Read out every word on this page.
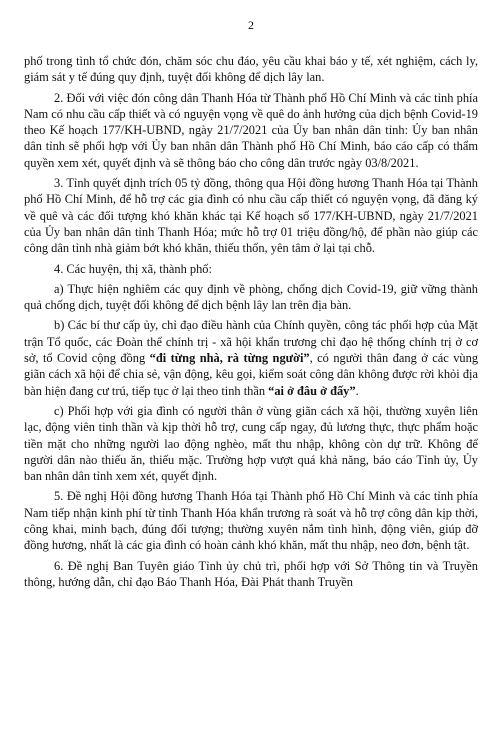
2

phố trong tình tổ chức đón, chăm sóc chu đáo, yêu cầu khai báo y tế, xét nghiệm, cách ly, giám sát y tế đúng quy định, tuyệt đối không để dịch lây lan.

2. Đối với việc đón công dân Thanh Hóa từ Thành phố Hồ Chí Minh và các tỉnh phía Nam có nhu cầu cấp thiết và có nguyện vọng về quê do ảnh hưởng của dịch bệnh Covid-19 theo Kế hoạch 177/KH-UBND, ngày 21/7/2021 của Ủy ban nhân dân tỉnh: Ủy ban nhân dân tỉnh sẽ phối hợp với Ủy ban nhân dân Thành phố Hồ Chí Minh, báo cáo cấp có thẩm quyền xem xét, quyết định và sẽ thông báo cho công dân trước ngày 03/8/2021.

3. Tỉnh quyết định trích 05 tỷ đồng, thông qua Hội đồng hương Thanh Hóa tại Thành phố Hồ Chí Minh, để hỗ trợ các gia đình có nhu cầu cấp thiết có nguyện vọng, đã đăng ký về quê và các đối tượng khó khăn khác tại Kế hoạch số 177/KH-UBND, ngày 21/7/2021 của Ủy ban nhân dân tỉnh Thanh Hóa; mức hỗ trợ 01 triệu đồng/hộ, để phần nào giúp các công dân tỉnh nhà giảm bớt khó khăn, thiếu thốn, yên tâm ở lại tại chỗ.

4. Các huyện, thị xã, thành phố:

a) Thực hiện nghiêm các quy định về phòng, chống dịch Covid-19, giữ vững thành quả chống dịch, tuyệt đối không để dịch bệnh lây lan trên địa bàn.

b) Các bí thư cấp ủy, chỉ đạo điều hành của Chính quyền, công tác phối hợp của Mặt trận Tổ quốc, các Đoàn thể chính trị - xã hội khẩn trương chỉ đạo hệ thống chính trị ở cơ sở, tổ Covid cộng đồng “đi từng nhà, rà từng người”, có người thân đang ở các vùng giãn cách xã hội để chia sẻ, vận động, kêu gọi, kiểm soát công dân không được rời khỏi địa bàn hiện đang cư trú, tiếp tục ở lại theo tinh thần “ai ở đâu ở đấy”.

c) Phối hợp với gia đình có người thân ở vùng giãn cách xã hội, thường xuyên liên lạc, động viên tinh thần và kịp thời hỗ trợ, cung cấp ngay, đủ lương thực, thực phẩm hoặc tiền mặt cho những người lao động nghèo, mất thu nhập, không còn dự trữ. Không để người dân nào thiếu ăn, thiếu mặc. Trường hợp vượt quá khả năng, báo cáo Tỉnh ủy, Ủy ban nhân dân tỉnh xem xét, quyết định.

5. Đề nghị Hội đồng hương Thanh Hóa tại Thành phố Hồ Chí Minh và các tỉnh phía Nam tiếp nhận kinh phí từ tỉnh Thanh Hóa khẩn trương rà soát và hỗ trợ công dân kịp thời, công khai, minh bạch, đúng đối tượng; thường xuyên nắm tình hình, động viên, giúp đỡ đồng hương, nhất là các gia đình có hoàn cảnh khó khăn, mất thu nhập, neo đơn, bệnh tật.

6. Đề nghị Ban Tuyên giáo Tỉnh ủy chủ trì, phối hợp với Sở Thông tin và Truyền thông, hướng dẫn, chỉ đạo Báo Thanh Hóa, Đài Phát thanh Truyền
